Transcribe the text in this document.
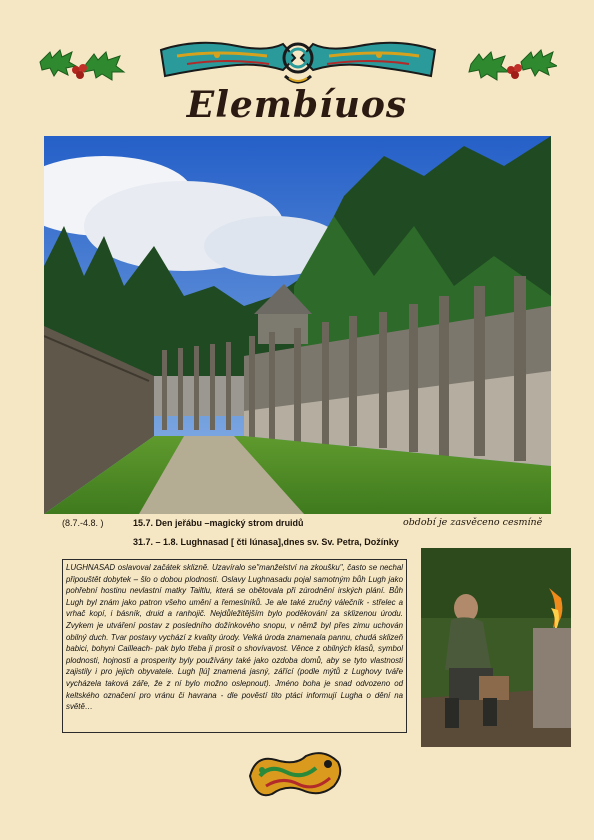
Elembíuos
(8.7.-4.8. )	15.7. Den jeřábu –magický strom druidů
31.7. – 1.8. Lughnasad [ čti lúnasa],dnes sv. Sv. Petra, Dožínky
období je zasvěceno cesmíně

LUGHNASAD oslavoval začátek sklizně. Uzavíralo se"manželství na zkoušku", často se nechal připouštět dobytek – šlo o dobou plodnosti. Oslavy Lughnasadu pojal samotným bůh Lugh jako pohřební hostinu nevlastní matky Tailtlu, která se obětovala při zúrodnění irských plání. Bůh Lugh byl znám jako patron všeho umění a řemeslníků. Je ale také zručný válečník - střelec a vrhač kopí, i básník, druid a ranhojič. Nejdůležitějším bylo poděkování za sklizenou úrodu. Zvykem je utváření postav z posledního dožínkového snopu, v němž byl přes zimu uchován obilný duch. Tvar postavy vychází z kvality úrody. Velká úroda znamenala pannu, chudá sklizeň babici, bohyni Cailleach- pak bylo třeba ji prosit o shovívavost. Věnce z obilných klasů, symbol plodnosti, hojnosti a prosperity byly používány také jako ozdoba domů, aby se tyto vlastnosti zajistily i pro jejich obyvatele. Lugh [lú] znamená jasný, zářící (podle mýtů z Lughovy tváře vycházela taková záře, že z ní bylo možno oslepnout). Jméno boha je snad odvozeno od keltského označení pro vránu či havrana - dle pověstí tito ptáci informují Lugha o dění na světě…
